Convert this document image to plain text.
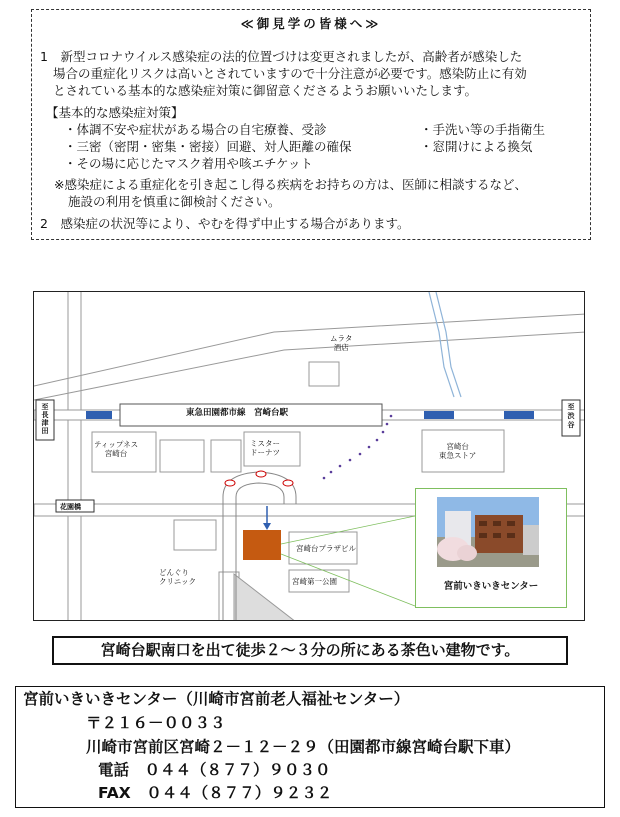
≪御見学の皆様へ≫
1　新型コロナウイルス感染症の法的位置づけは変更されましたが、高齢者が感染した
場合の重症化リスクは高いとされていますので十分注意が必要です。感染防止に有効
とされている基本的な感染症対策に御留意くださるようお願いいたします。
【基本的な感染症対策】
・体調不安や症状がある場合の自宅療養、受診	・手洗い等の手指衛生
・三密（密閉・密集・密接）回避、対人距離の確保	・窓開けによる換気
・その場に応じたマスク着用や咳エチケット
※感染症による重症化を引き起こし得る疾病をお持ちの方は、医師に相談するなど、
施設の利用を慎重に御検討ください。
2　感染症の状況等により、やむを得ず中止する場合があります。
東急田園都市線　宮崎台駅
至
長
津
田
至
渋
谷
ムラタ
酒店
ティップネス
宮崎台
ミスター
ドーナツ
宮崎台
東急ストア
花園橋
宮崎台プラザビル
どんぐり
クリニック	宮崎第一公園	宮前いきいきセンター
宮崎台駅南口を出て徒歩２～３分の所にある茶色い建物です。
宮前いきいきセンター（川崎市宮前老人福祉センター）
〒２１６－００３３
川崎市宮前区宮崎２－１２－２９（田園都市線宮崎台駅下車）
電話　 ０４４（８７７）９０３０
FAX　 ０４４（８７７）９２３２
